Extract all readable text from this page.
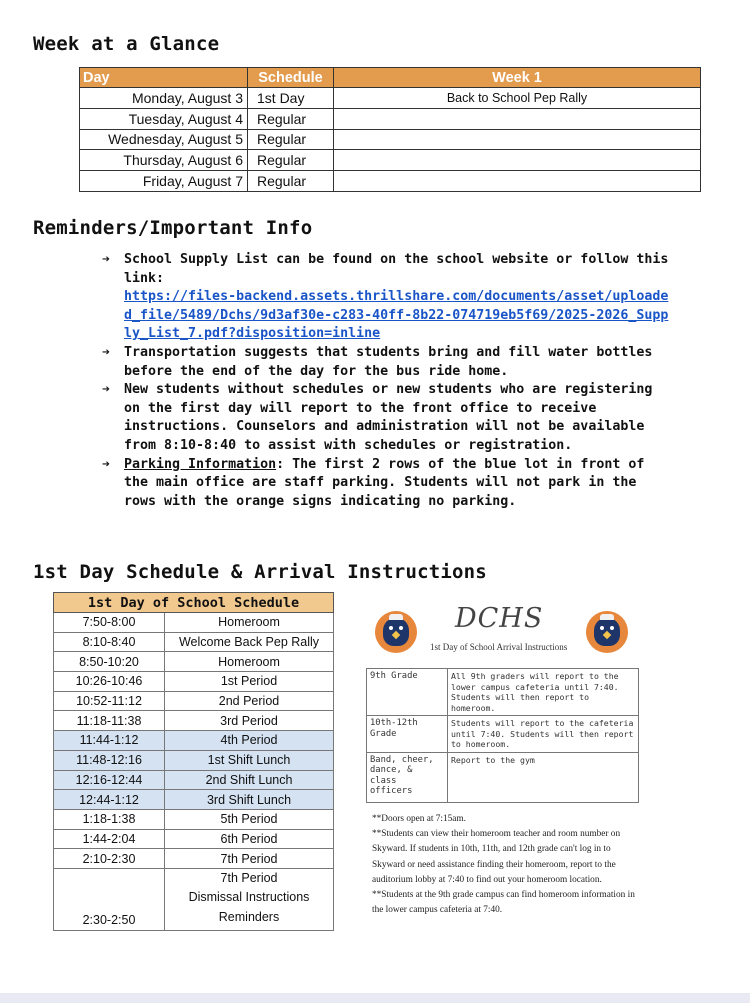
Week at a Glance
Day	Schedule	Week 1
Monday, August 3	1st Day	Back to School Pep Rally
Tuesday, August 4	Regular	
Wednesday, August 5	Regular	
Thursday, August 6	Regular	
Friday, August 7	Regular	
Reminders/Important Info
➔ School Supply List can be found on the school website or follow this link:
https://files-backend.assets.thrillshare.com/documents/asset/uploaded_file/5489/Dchs/9d3af30e-c283-40ff-8b22-074719eb5f69/2025-2026_Supply_List_7.pdf?disposition=inline
➔ Transportation suggests that students bring and fill water bottles before the end of the day for the bus ride home.
➔ New students without schedules or new students who are registering on the first day will report to the front office to receive instructions. Counselors and administration will not be available from 8:10-8:40 to assist with schedules or registration.
➔ Parking Information: The first 2 rows of the blue lot in front of the main office are staff parking. Students will not park in the rows with the orange signs indicating no parking.
1st Day Schedule & Arrival Instructions
1st Day of School Schedule	
7:50-8:00	Homeroom
8:10-8:40	Welcome Back Pep Rally
8:50-10:20	Homeroom
10:26-10:46	1st Period
10:52-11:12	2nd Period
11:18-11:38	3rd Period
11:44-1:12	4th Period
11:48-12:16	1st Shift Lunch
12:16-12:44	2nd Shift Lunch
12:44-1:12	3rd Shift Lunch
1:18-1:38	5th Period
1:44-2:04	6th Period
2:10-2:30	7th Period
2:30-2:50	7th Period
Dismissal Instructions
Reminders
DCHS
1st Day of School Arrival Instructions
9th Grade	All 9th graders will report to the lower campus cafeteria until 7:40. Students will then report to homeroom.
10th-12th Grade	Students will report to the cafeteria until 7:40. Students will then report to homeroom.
Band, cheer, dance, & class officers	Report to the gym

**Doors open at 7:15am.

**Students can view their homeroom teacher and room number on Skyward. If students in 10th, 11th, and 12th grade can't log in to Skyward or need assistance finding their homeroom, report to the auditorium lobby at 7:40 to find out your homeroom location.

**Students at the 9th grade campus can find homeroom information in the lower campus cafeteria at 7:40.
